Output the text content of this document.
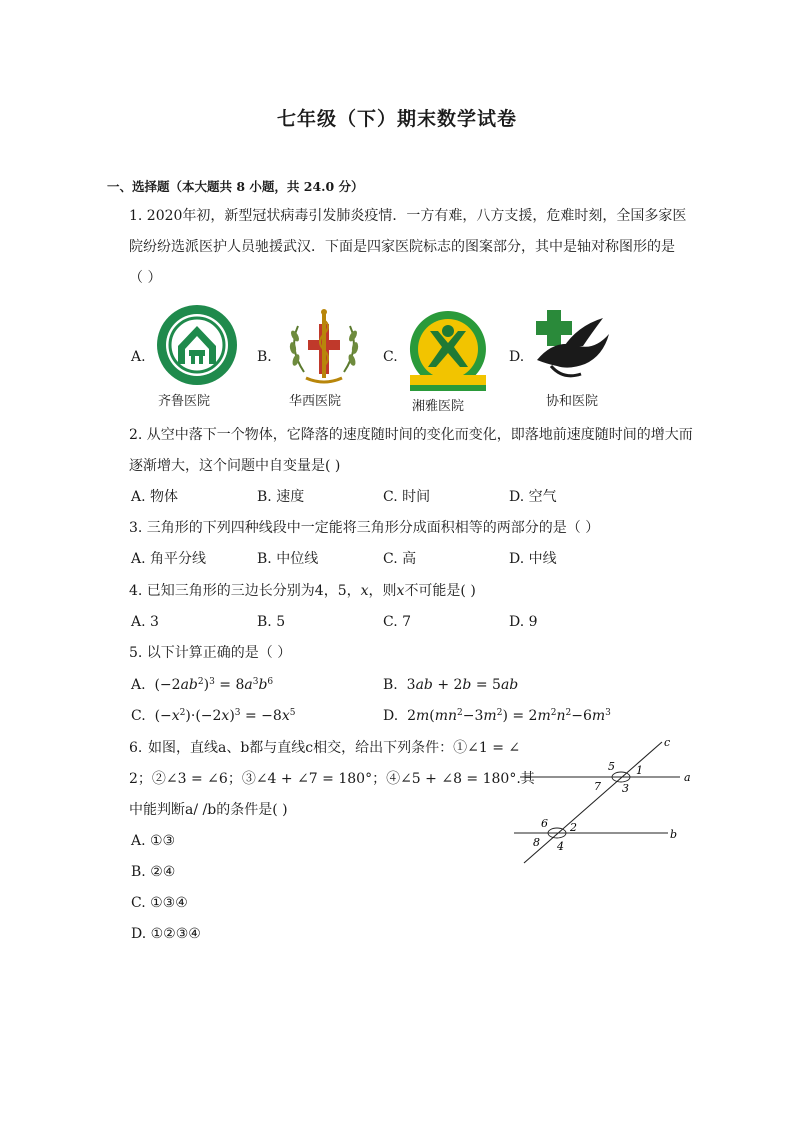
七年级（下）期末数学试卷
一、选择题（本大题共 8 小题，共 24.0 分）
1. 2020年初，新型冠状病毒引发肺炎疫情．一方有难，八方支援，危难时刻，全国多家医
院纷纷选派医护人员驰援武汉．下面是四家医院标志的图案部分，其中是轴对称图形的是
（ ）
A.
齐鲁医院
B.
华西医院
C.
湘雅医院
D.
协和医院
2. 从空中落下一个物体，它降落的速度随时间的变化而变化，即落地前速度随时间的增大而
逐渐增大，这个问题中自变量是( )
A. 物体	B. 速度	C. 时间	D. 空气
3. 三角形的下列四种线段中一定能将三角形分成面积相等的两部分的是（ ）
A. 角平分线	B. 中位线	C. 高	D. 中线
4. 已知三角形的三边长分别为4，5，x，则x不可能是( )
A. 3	B. 5	C. 7	D. 9
5. 以下计算正确的是（ ）
A.  $(-2ab^2)^3 = 8a^3b^6$	B.  3ab + 2b = 5ab
C.  $(-x^2)\cdot(-2x)^3 = -8x^5$	D.  $2m(mn^2-3m^2) = 2m^2n^2-6m^3$
6. 如图，直线a、b都与直线c相交，给出下列条件：①∠1 = ∠
2；②∠3 = ∠6；③∠4 + ∠7 = 180°；④∠5 + ∠8 = 180°.其
中能判断a/ /b的条件是( )
A. ①③
B. ②④
C. ①③④
D. ①②③④
c
a
b
5 1
7 3
6 2
8 4
